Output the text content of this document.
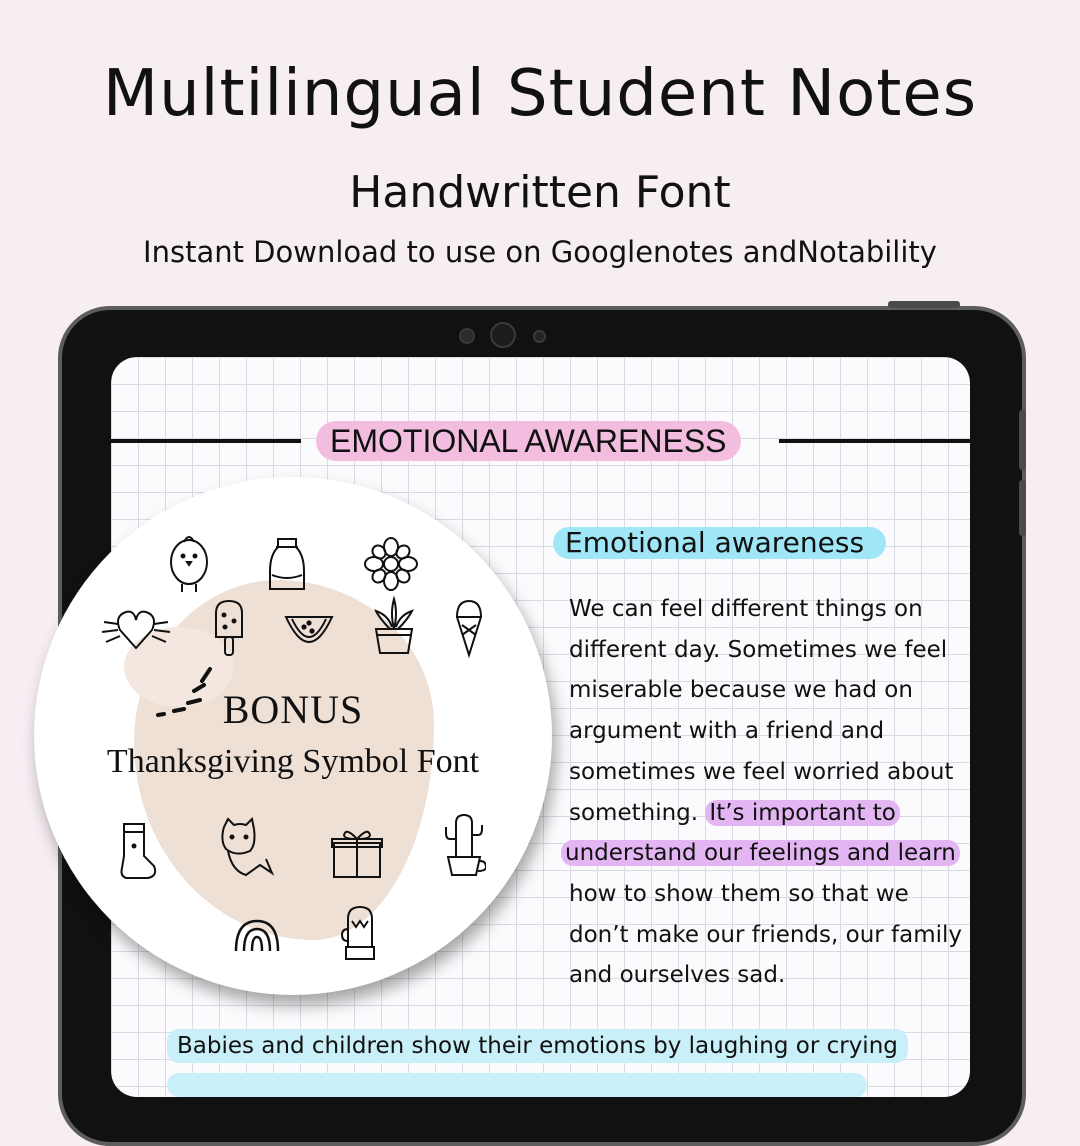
Multilingual Student Notes
Handwritten Font
Instant Download to use on Googlenotes andNotability
EMOTIONAL AWARENESS
Emotional awareness
We can feel different things on
different day. Sometimes we feel
miserable because we had on
argument with a friend and
sometimes we feel worried about
something. It’s important to
understand our feelings and learn
how to show them so that we
don’t make our friends, our family
and ourselves sad.
Babies and children show their emotions by laughing or crying
BONUS
Thanksgiving Symbol Font
